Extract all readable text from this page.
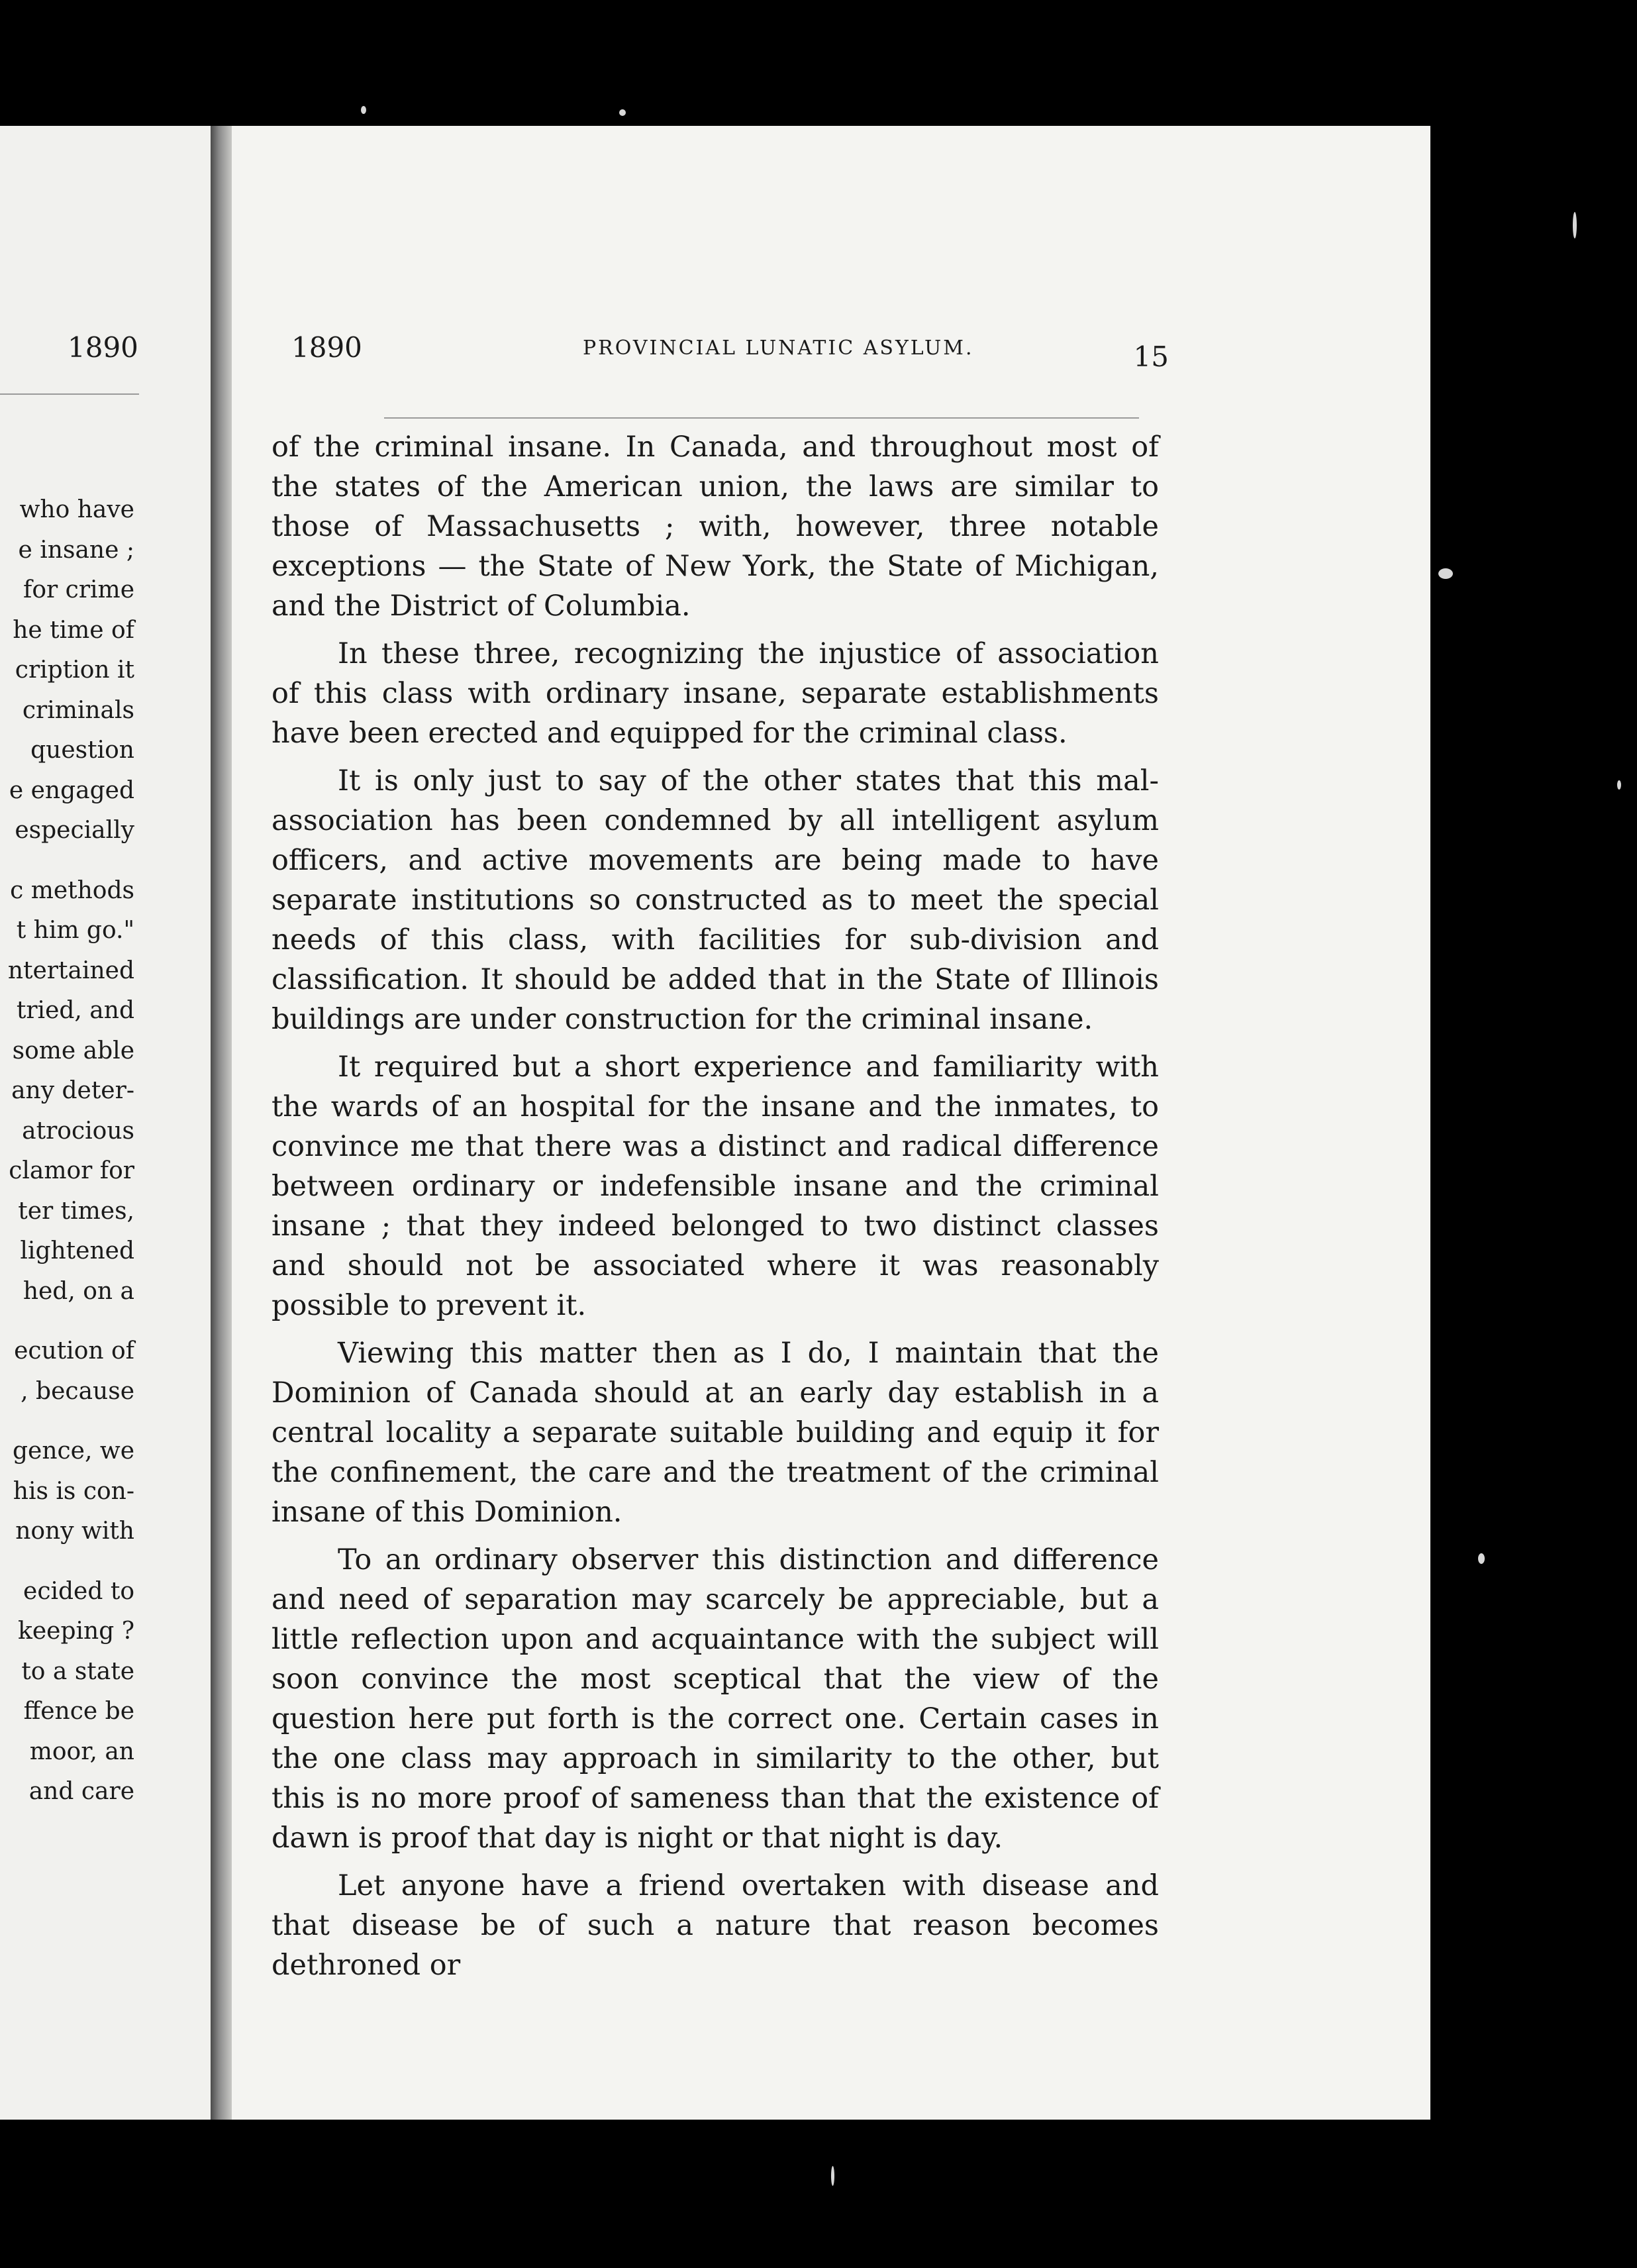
1890
who have
e insane ;
for crime
he time of
cription it
criminals
question
e engaged
especially
c methods
t him go."
ntertained
tried, and
some able
any deter-
atrocious
clamor for
ter times,
lightened
hed, on a
ecution of
, because
gence, we
his is con-
nony with
ecided to
keeping ?
to a state
ffence be
moor, an
and care
1890	PROVINCIAL LUNATIC ASYLUM.	15

of the criminal insane. In Canada, and throughout most of the states of the American union, the laws are similar to those of Massachusetts ; with, however, three notable exceptions — the State of New York, the State of Michigan, and the District of Columbia.

In these three, recognizing the injustice of association of this class with ordinary insane, separate establishments have been erected and equipped for the criminal class.

It is only just to say of the other states that this mal-association has been condemned by all intelligent asylum officers, and active movements are being made to have separate institutions so constructed as to meet the special needs of this class, with facilities for sub-division and classification. It should be added that in the State of Illinois buildings are under construction for the criminal insane.

It required but a short experience and familiarity with the wards of an hospital for the insane and the inmates, to convince me that there was a distinct and radical difference between ordinary or indefensible insane and the criminal insane ; that they indeed belonged to two distinct classes and should not be associated where it was reasonably possible to prevent it.

Viewing this matter then as I do, I maintain that the Dominion of Canada should at an early day establish in a central locality a separate suitable building and equip it for the confinement, the care and the treatment of the criminal insane of this Dominion.

To an ordinary observer this distinction and difference and need of separation may scarcely be appreciable, but a little reflection upon and acquaintance with the subject will soon convince the most sceptical that the view of the question here put forth is the correct one. Certain cases in the one class may approach in similarity to the other, but this is no more proof of sameness than that the existence of dawn is proof that day is night or that night is day.

Let anyone have a friend overtaken with disease and that disease be of such a nature that reason becomes dethroned or
